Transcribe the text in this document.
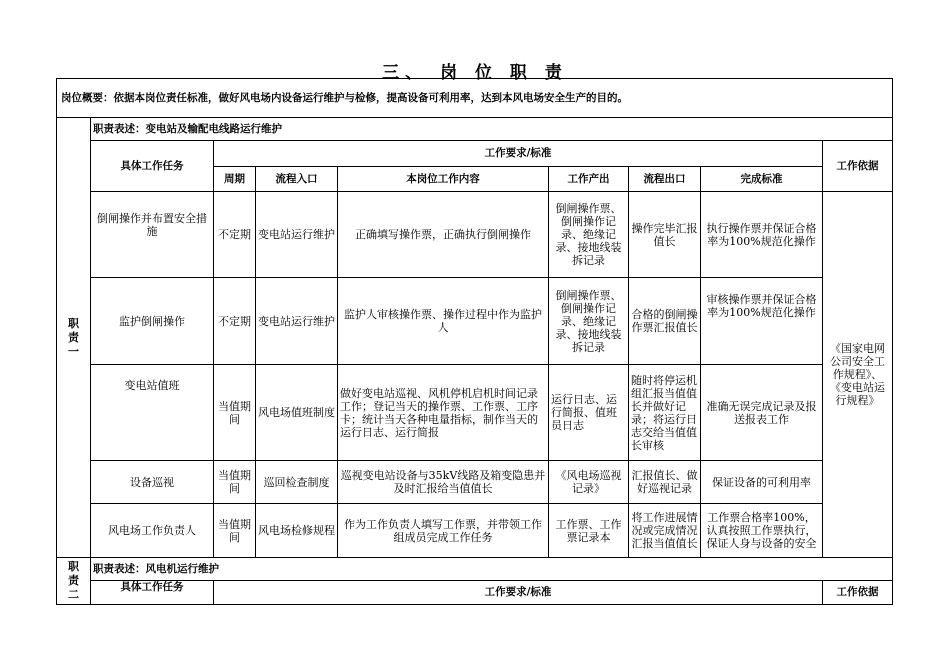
三、 岗 位 职 责
岗位概要：依据本岗位责任标准，做好风电场内设备运行维护与检修，提高设备可利用率，达到本风电场安全生产的目的。								

职
责
一	职责表述：变电站及输配电线路运行维护							
	具体工作任务	工作要求/标准						工作依据
		周期	流程入口	本岗位工作内容	工作产出	流程出口	完成标准	
	倒闸操作并布置安全措施	不定期	变电站运行维护	正确填写操作票，正确执行倒闸操作	倒闸操作票、倒闸操作记录、绝缘记录、接地线装拆记录	操作完毕汇报值长	执行操作票并保证合格率为100%规范化操作	《国家电网公司安全工作规程》、《变电站运行规程》
	监护倒闸操作	不定期	变电站运行维护	监护人审核操作票、操作过程中作为监护人	倒闸操作票、倒闸操作记录、绝缘记录、接地线装拆记录	合格的倒闸操作票汇报值长	审核操作票并保证合格率为100%规范化操作	
	变电站值班	当值期间	风电场值班制度	做好变电站巡视、风机停机启机时间记录工作；登记当天的操作票、工作票、工序卡；统计当天各种电量指标，制作当天的运行日志、运行简报	运行日志、运行简报、值班员日志	随时将停运机组汇报当值值长并做好记录；将运行日志交给当值值长审核	准确无误完成记录及报送报表工作	
	设备巡视	当值期间	巡回检查制度	巡视变电站设备与35kV线路及箱变隐患并及时汇报给当值值长	《风电场巡视记录》	汇报值长、做好巡视记录	保证设备的可利用率	
	风电场工作负责人	当值期间	风电场检修规程	作为工作负责人填写工作票，并带领工作组成员完成工作任务	工作票、工作票记录本	将工作进展情况或完成情况汇报当值值长	工作票合格率100%，认真按照工作票执行，保证人身与设备的安全	

职
责
二	职责表述：风电机运行维护							
	具体工作任务	工作要求/标准						工作依据
